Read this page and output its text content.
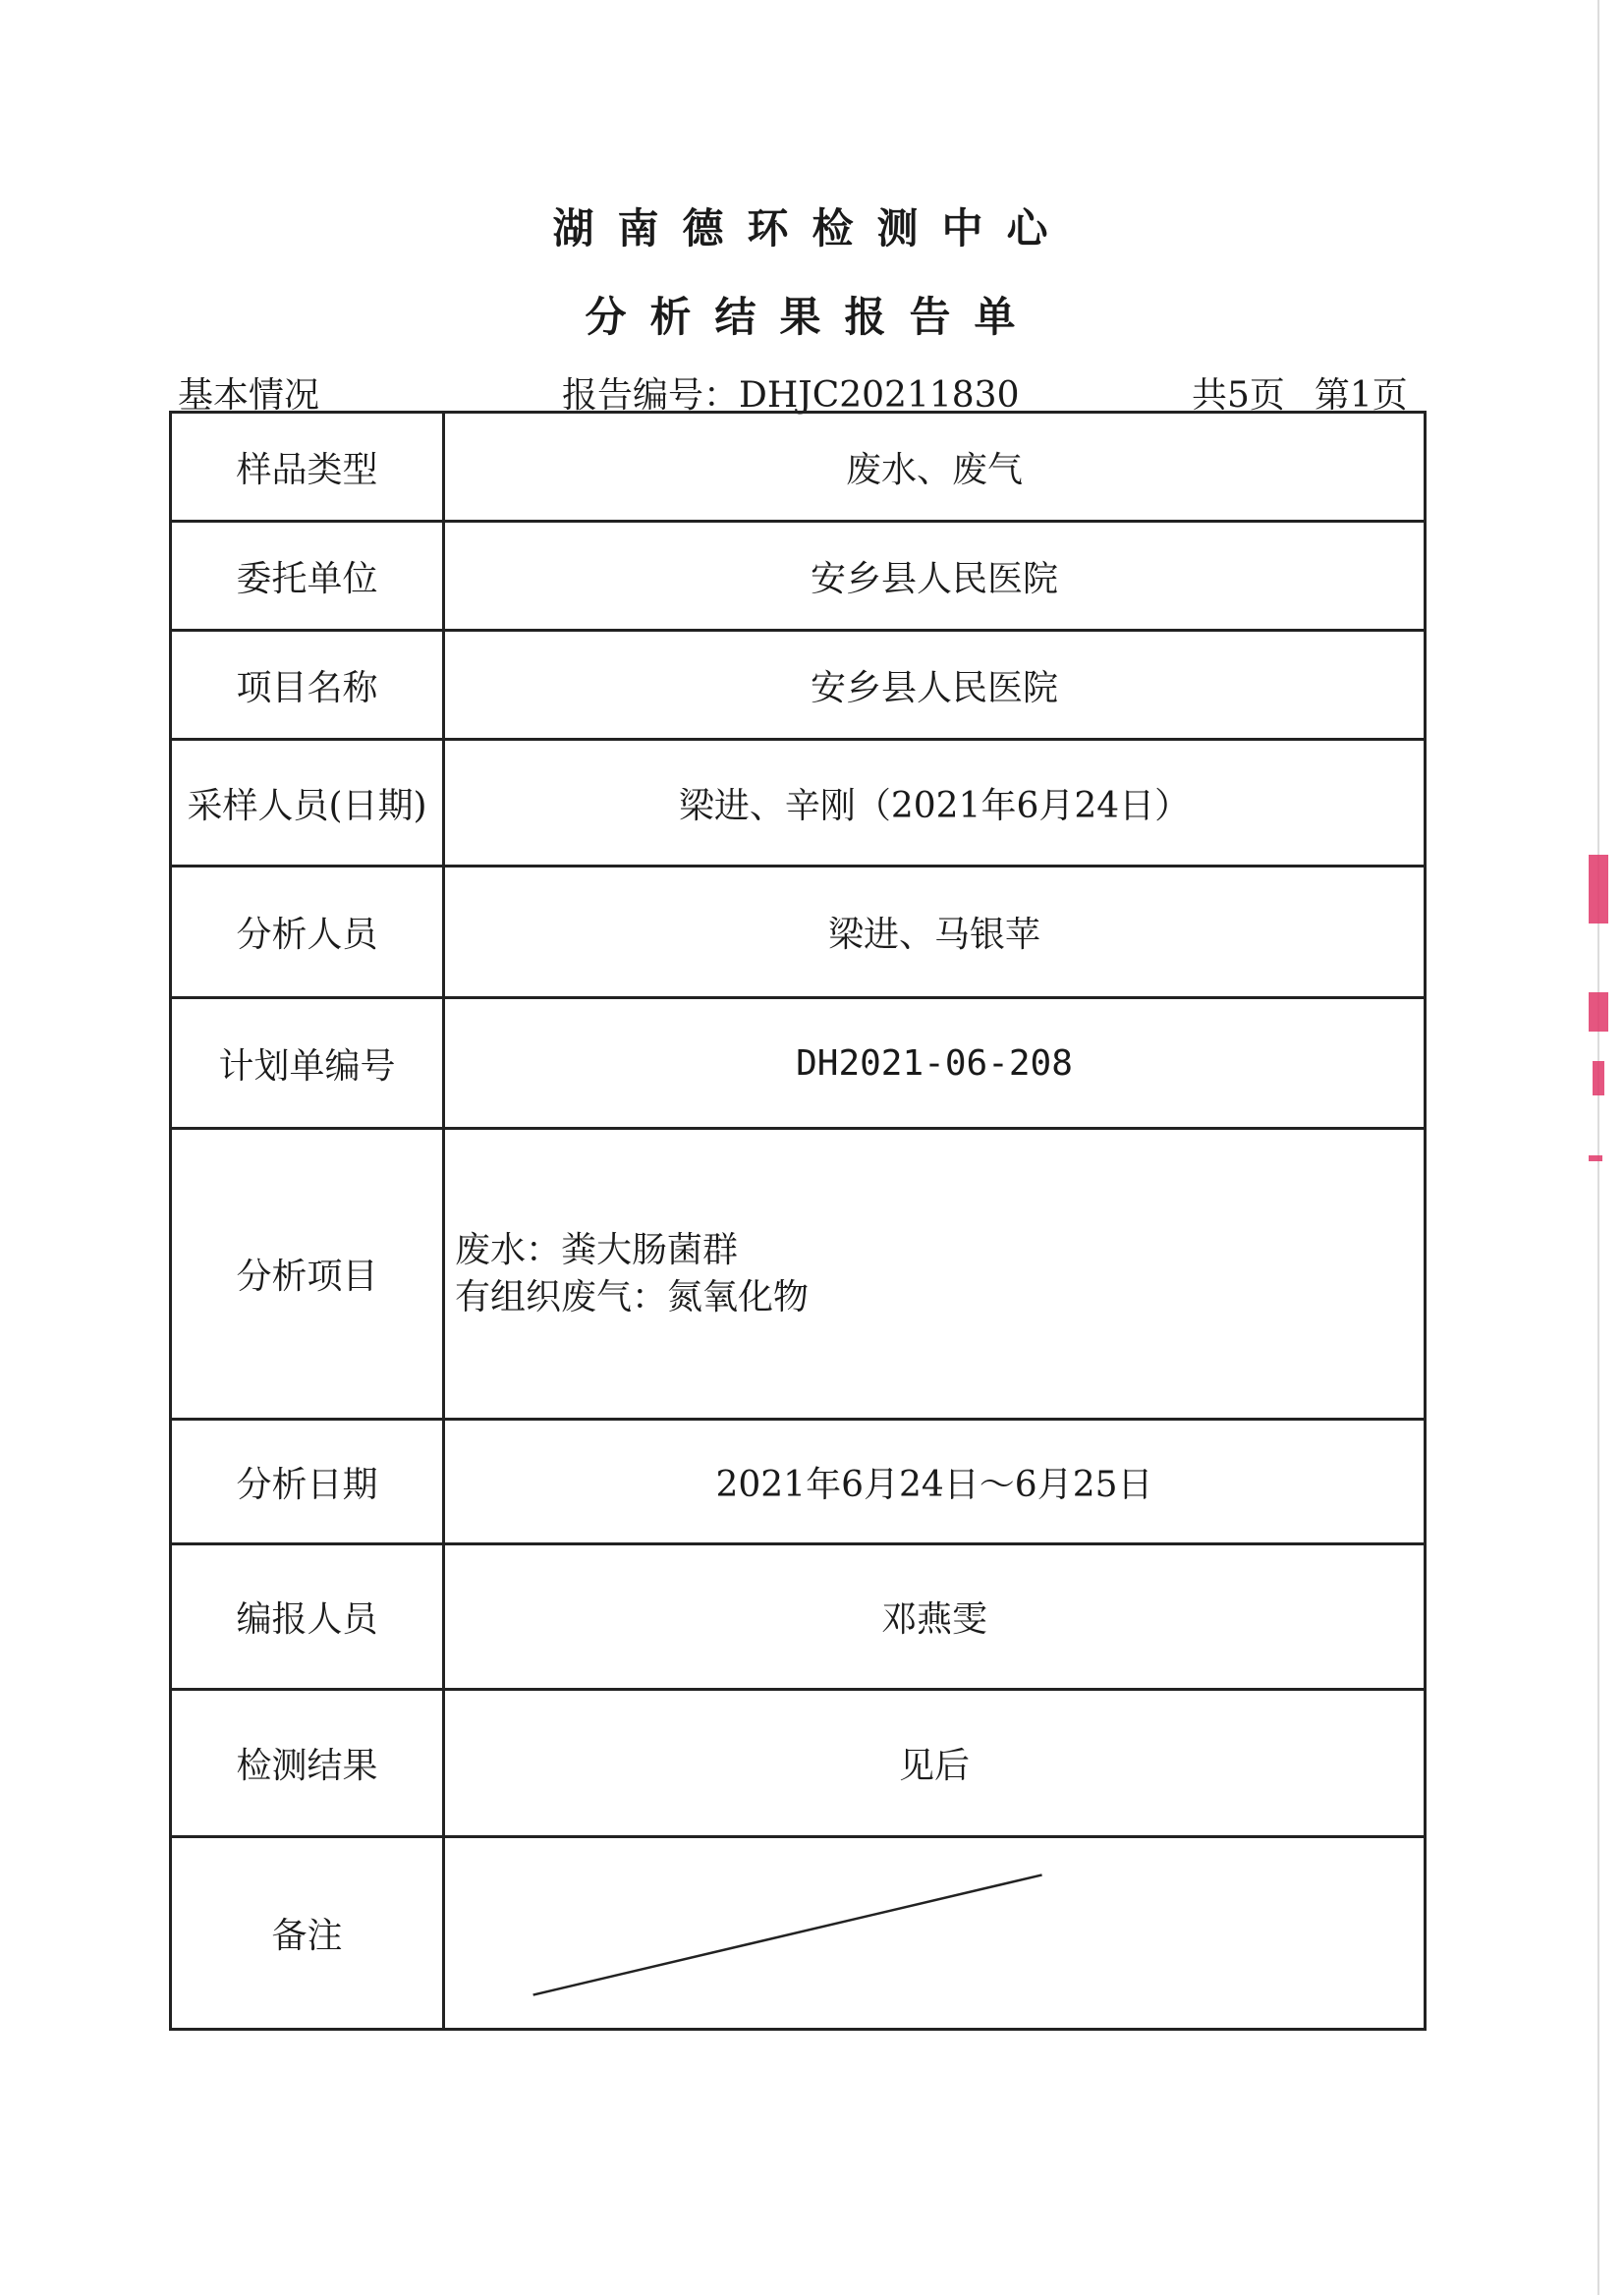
湖南德环检测中心
分析结果报告单
基本情况	报告编号：DHJC20211830	共5页 第1页
样品类型	废水、废气
委托单位	安乡县人民医院
项目名称	安乡县人民医院
采样人员(日期)	梁进、辛刚（2021年6月24日）
分析人员	梁进、马银苹
计划单编号	DH2021-06-208
分析项目	废水：粪大肠菌群
有组织废气：氮氧化物

分析日期	2021年6月24日～6月25日
编报人员	邓燕雯
检测结果	见后
备注	
